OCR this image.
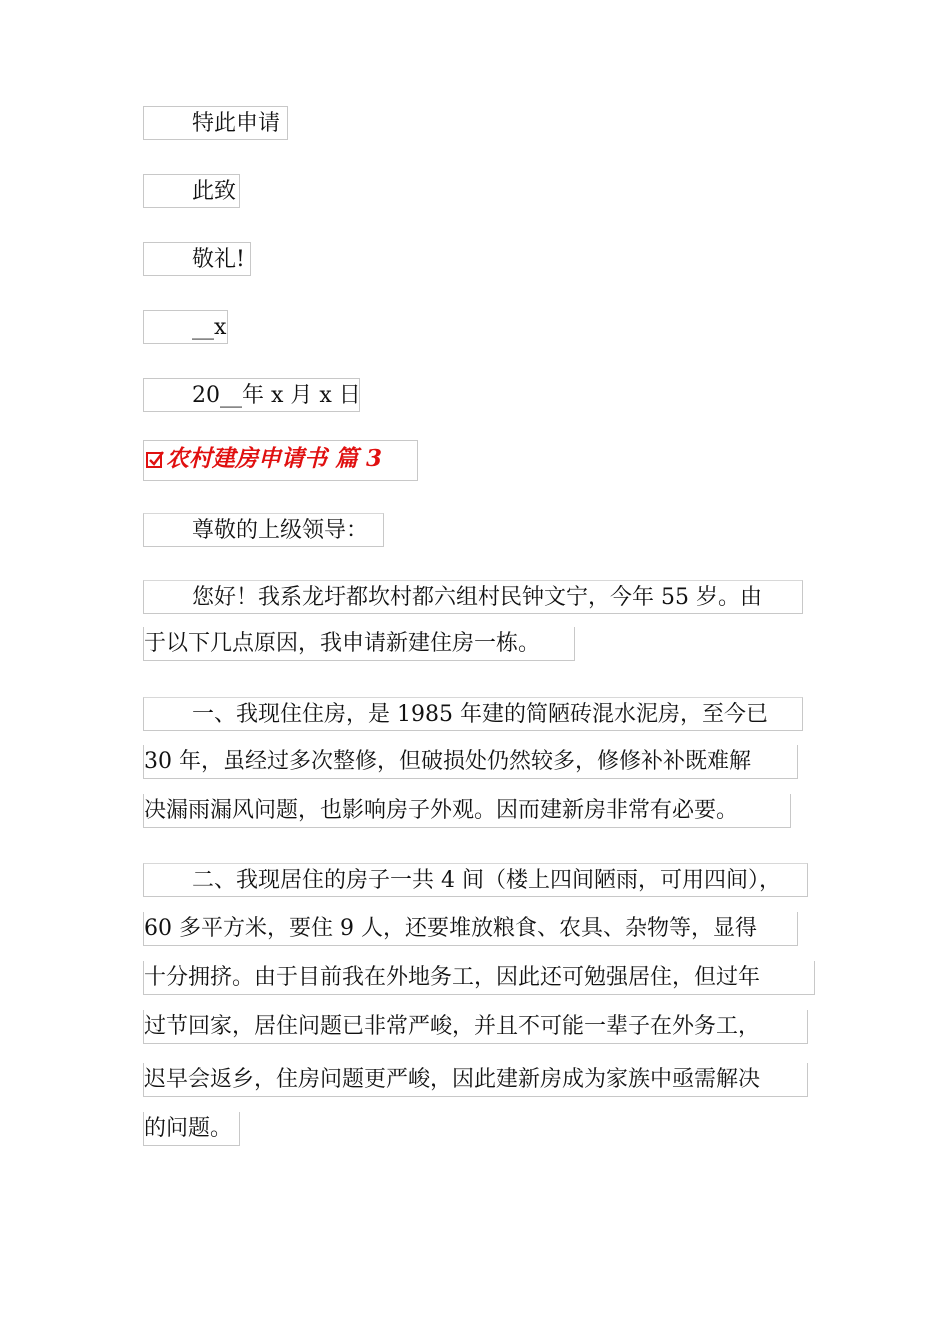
特此申请
此致
敬礼!
__x
20__年 x 月 x 日
农村建房申请书 篇 3
尊敬的上级领导：
您好！我系龙圩都坎村都六组村民钟文宁，今年 55 岁。由
于以下几点原因，我申请新建住房一栋。
一、我现住住房，是 1985 年建的简陋砖混水泥房，至今已
30 年，虽经过多次整修，但破损处仍然较多，修修补补既难解
决漏雨漏风问题，也影响房子外观。因而建新房非常有必要。
二、我现居住的房子一共 4 间（楼上四间陋雨，可用四间），
60 多平方米，要住 9 人，还要堆放粮食、农具、杂物等，显得
十分拥挤。由于目前我在外地务工，因此还可勉强居住，但过年
过节回家，居住问题已非常严峻，并且不可能一辈子在外务工，
迟早会返乡，住房问题更严峻，因此建新房成为家族中亟需解决
的问题。
